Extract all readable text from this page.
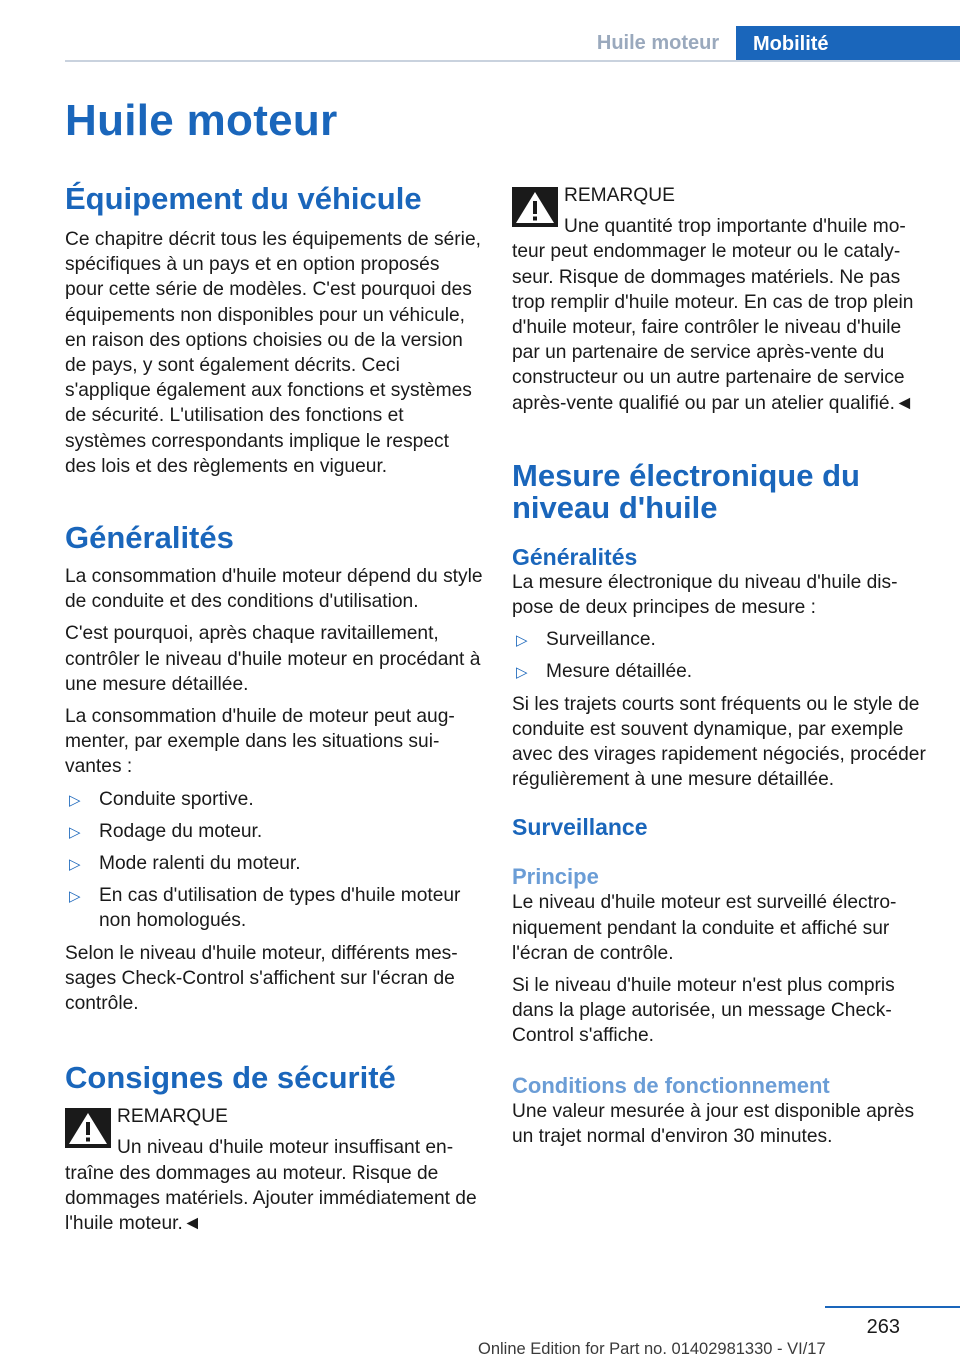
Huile moteur	Mobilité
Huile moteur
Équipement du véhicule

Ce chapitre décrit tous les équipements de série, spécifiques à un pays et en option proposés pour cette série de modèles. C'est pourquoi des équipements non disponibles pour un véhicule, en raison des options choisies ou de la version de pays, y sont également décrits. Ceci s'applique également aux fonctions et systèmes de sécurité. L'utilisation des fonctions et systèmes correspondants implique le respect des lois et des règlements en vigueur.

Généralités

La consommation d'huile moteur dépend du style de conduite et des conditions d'utilisation.

C'est pourquoi, après chaque ravitaillement, contrôler le niveau d'huile moteur en procédant à une mesure détaillée.

La consommation d'huile de moteur peut augmenter, par exemple dans les situations suivantes :

▷ Conduite sportive.
▷ Rodage du moteur.
▷ Mode ralenti du moteur.
▷ En cas d'utilisation de types d'huile moteur non homologués.

Selon le niveau d'huile moteur, différents messages Check-Control s'affichent sur l'écran de contrôle.

Consignes de sécurité

REMARQUE

Un niveau d'huile moteur insuffisant entraîne des dommages au moteur. Risque de dommages matériels. Ajouter immédiatement de l'huile moteur.◄

REMARQUE

Une quantité trop importante d'huile moteur peut endommager le moteur ou le catalyseur. Risque de dommages matériels. Ne pas trop remplir d'huile moteur. En cas de trop plein d'huile moteur, faire contrôler le niveau d'huile par un partenaire de service après-vente du constructeur ou un autre partenaire de service après-vente qualifié ou par un atelier qualifié.◄

Mesure électronique du niveau d'huile
Généralités

La mesure électronique du niveau d'huile dispose de deux principes de mesure :

▷ Surveillance.
▷ Mesure détaillée.

Si les trajets courts sont fréquents ou le style de conduite est souvent dynamique, par exemple avec des virages rapidement négociés, procéder régulièrement à une mesure détaillée.

Surveillance
Principe

Le niveau d'huile moteur est surveillé électroniquement pendant la conduite et affiché sur l'écran de contrôle.

Si le niveau d'huile moteur n'est plus compris dans la plage autorisée, un message Check-Control s'affiche.

Conditions de fonctionnement

Une valeur mesurée à jour est disponible après un trajet normal d'environ 30 minutes.

263
Online Edition for Part no. 01402981330 - VI/17
